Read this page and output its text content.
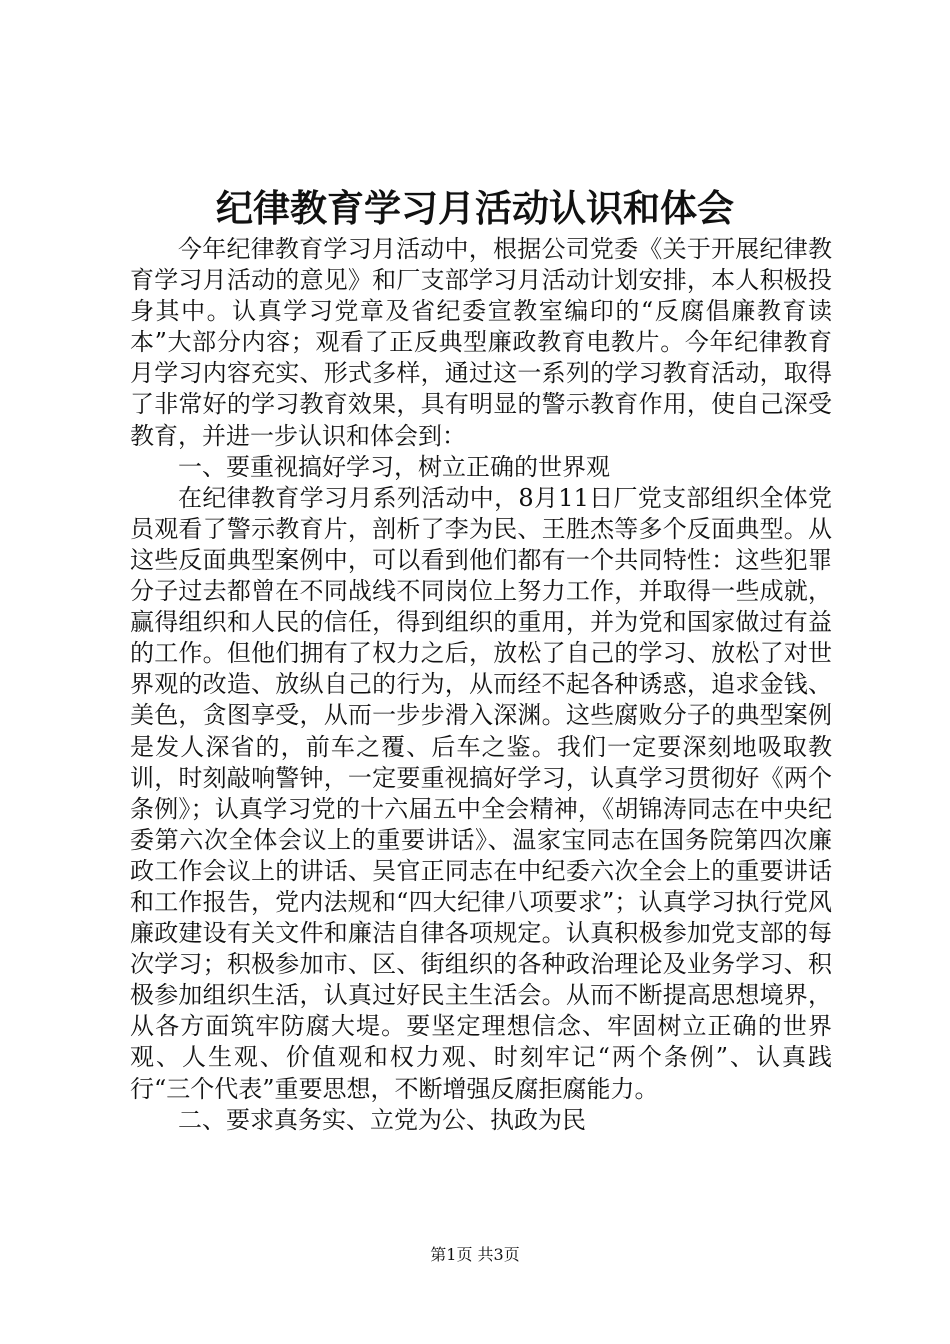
纪律教育学习月活动认识和体会

今年纪律教育学习月活动中，根据公司党委《关于开展纪律教育学习月活动的意见》和厂支部学习月活动计划安排，本人积极投身其中。认真学习党章及省纪委宣教室编印的“反腐倡廉教育读本”大部分内容；观看了正反典型廉政教育电教片。今年纪律教育月学习内容充实、形式多样，通过这一系列的学习教育活动，取得了非常好的学习教育效果，具有明显的警示教育作用，使自己深受教育，并进一步认识和体会到：

一、要重视搞好学习，树立正确的世界观

在纪律教育学习月系列活动中，8月11日厂党支部组织全体党员观看了警示教育片，剖析了李为民、王胜杰等多个反面典型。从这些反面典型案例中，可以看到他们都有一个共同特性：这些犯罪分子过去都曾在不同战线不同岗位上努力工作，并取得一些成就，赢得组织和人民的信任，得到组织的重用，并为党和国家做过有益的工作。但他们拥有了权力之后，放松了自己的学习、放松了对世界观的改造、放纵自己的行为，从而经不起各种诱惑，追求金钱、美色，贪图享受，从而一步步滑入深渊。这些腐败分子的典型案例是发人深省的，前车之覆、后车之鉴。我们一定要深刻地吸取教训，时刻敲响警钟，一定要重视搞好学习，认真学习贯彻好《两个条例》；认真学习党的十六届五中全会精神，《胡锦涛同志在中央纪委第六次全体会议上的重要讲话》、温家宝同志在国务院第四次廉政工作会议上的讲话、吴官正同志在中纪委六次全会上的重要讲话和工作报告，党内法规和“四大纪律八项要求”；认真学习执行党风廉政建设有关文件和廉洁自律各项规定。认真积极参加党支部的每次学习；积极参加市、区、街组织的各种政治理论及业务学习、积极参加组织生活，认真过好民主生活会。从而不断提高思想境界，从各方面筑牢防腐大堤。要坚定理想信念、牢固树立正确的世界观、人生观、价值观和权力观、时刻牢记“两个条例”、认真践行“三个代表”重要思想，不断增强反腐拒腐能力。

二、要求真务实、立党为公、执政为民

第1页 共3页
